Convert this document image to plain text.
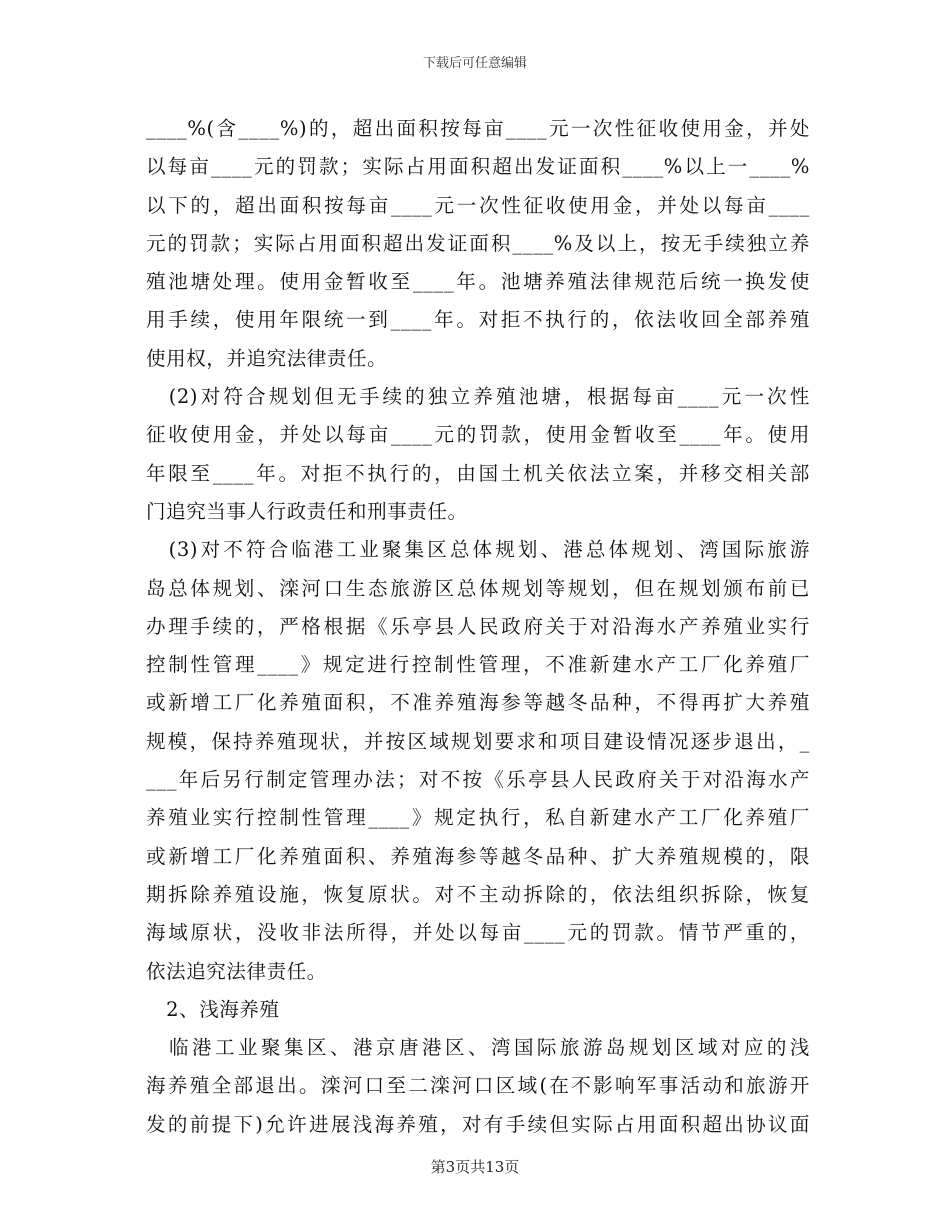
下载后可任意编辑
____%(含____%)的，超出面积按每亩____元一次性征收使用金，并处
以每亩____元的罚款；实际占用面积超出发证面积____%以上一____%
以下的，超出面积按每亩____元一次性征收使用金，并处以每亩____
元的罚款；实际占用面积超出发证面积____%及以上，按无手续独立养
殖池塘处理。使用金暂收至____年。池塘养殖法律规范后统一换发使
用手续，使用年限统一到____年。对拒不执行的，依法收回全部养殖
使用权，并追究法律责任。
　(2)对符合规划但无手续的独立养殖池塘，根据每亩____元一次性
征收使用金，并处以每亩____元的罚款，使用金暂收至____年。使用
年限至____年。对拒不执行的，由国土机关依法立案，并移交相关部
门追究当事人行政责任和刑事责任。
　(3)对不符合临港工业聚集区总体规划、港总体规划、湾国际旅游
岛总体规划、滦河口生态旅游区总体规划等规划，但在规划颁布前已
办理手续的，严格根据《乐亭县人民政府关于对沿海水产养殖业实行
控制性管理____》规定进行控制性管理，不准新建水产工厂化养殖厂
或新增工厂化养殖面积，不准养殖海参等越冬品种，不得再扩大养殖
规模，保持养殖现状，并按区域规划要求和项目建设情况逐步退出，_
___年后另行制定管理办法；对不按《乐亭县人民政府关于对沿海水产
养殖业实行控制性管理____》规定执行，私自新建水产工厂化养殖厂
或新增工厂化养殖面积、养殖海参等越冬品种、扩大养殖规模的，限
期拆除养殖设施，恢复原状。对不主动拆除的，依法组织拆除，恢复
海域原状，没收非法所得，并处以每亩____元的罚款。情节严重的，
依法追究法律责任。
　2、浅海养殖
　临港工业聚集区、港京唐港区、湾国际旅游岛规划区域对应的浅
海养殖全部退出。滦河口至二滦河口区域(在不影响军事活动和旅游开
发的前提下)允许进展浅海养殖，对有手续但实际占用面积超出协议面
第3页共13页
